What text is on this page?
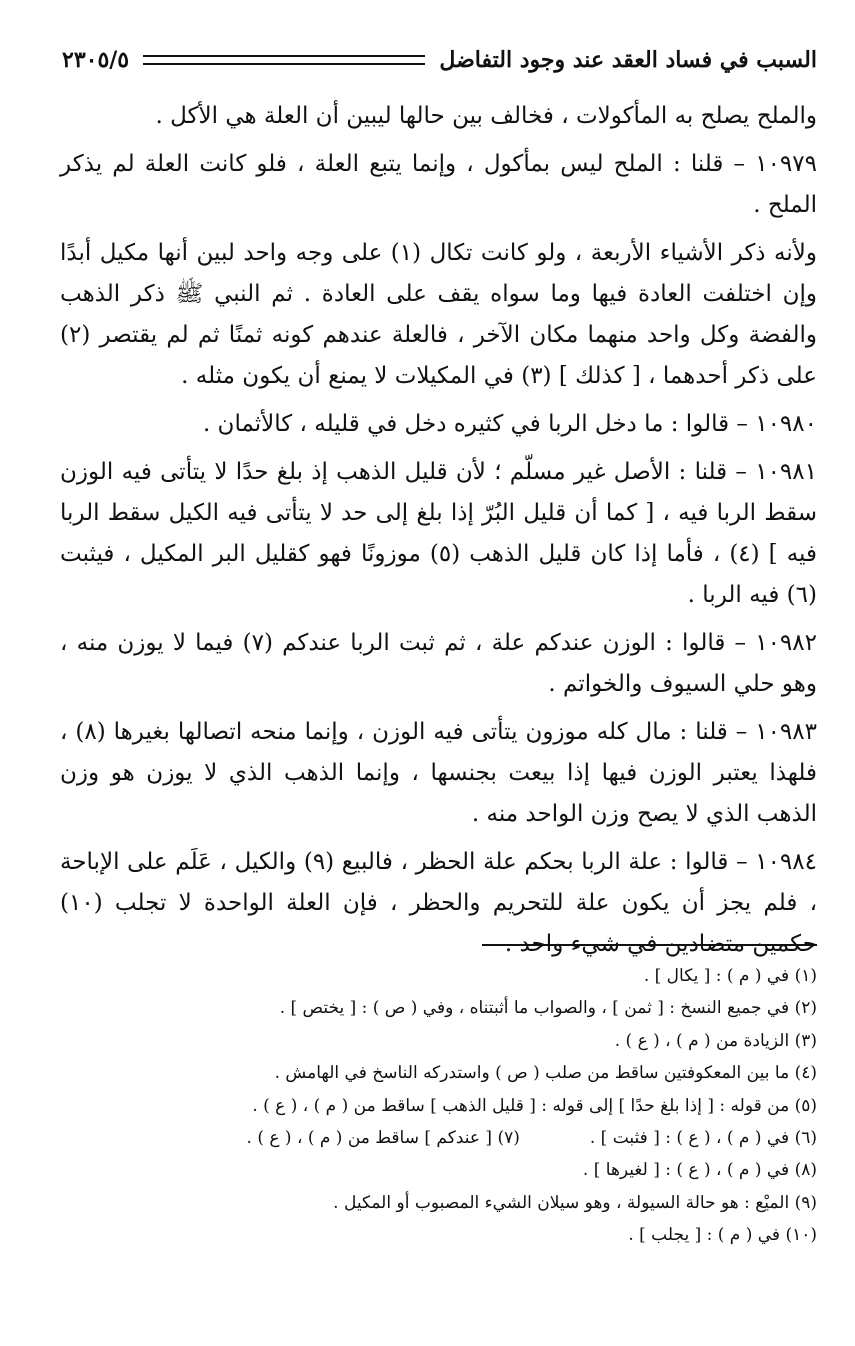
السبب في فساد العقد عند وجود التفاضل
٢٣٠٥/٥

والملح يصلح به المأكولات ، فخالف بين حالها ليبين أن العلة هي الأكل .

١٠٩٧٩ – قلنا : الملح ليس بمأكول ، وإنما يتبع العلة ، فلو كانت العلة لم يذكر الملح .

ولأنه ذكر الأشياء الأربعة ، ولو كانت تكال (١) على وجه واحد لبين أنها مكيل أبدًا وإن اختلفت العادة فيها وما سواه يقف على العادة . ثم النبي ﷺ ذكر الذهب والفضة وكل واحد منهما مكان الآخر ، فالعلة عندهم كونه ثمنًا ثم لم يقتصر (٢) على ذكر أحدهما ، [ كذلك ] (٣) في المكيلات لا يمنع أن يكون مثله .

١٠٩٨٠ – قالوا : ما دخل الربا في كثيره دخل في قليله ، كالأثمان .

١٠٩٨١ – قلنا : الأصل غير مسلّم ؛ لأن قليل الذهب إذ بلغ حدًا لا يتأتى فيه الوزن سقط الربا فيه ، [ كما أن قليل البُرّ إذا بلغ إلى حد لا يتأتى فيه الكيل سقط الربا فيه ] (٤) ، فأما إذا كان قليل الذهب (٥) موزونًا فهو كقليل البر المكيل ، فيثبت (٦) فيه الربا .

١٠٩٨٢ – قالوا : الوزن عندكم علة ، ثم ثبت الربا عندكم (٧) فيما لا يوزن منه ، وهو حلي السيوف والخواتم .

١٠٩٨٣ – قلنا : مال كله موزون يتأتى فيه الوزن ، وإنما منحه اتصالها بغيرها (٨) ، فلهذا يعتبر الوزن فيها إذا بيعت بجنسها ، وإنما الذهب الذي لا يوزن هو وزن الذهب الذي لا يصح وزن الواحد منه .

١٠٩٨٤ – قالوا : علة الربا بحكم علة الحظر ، فالبيع (٩) والكيل ، عَلَم على الإباحة ، فلم يجز أن يكون علة للتحريم والحظر ، فإن العلة الواحدة لا تجلب (١٠) حكمين متضادين في شيء واحد .

(١) في ( م ) : [ يكال ] .
(٢) في جميع النسخ : [ ثمن ] ، والصواب ما أثبتناه ، وفي ( ص ) : [ يختص ] .
(٣) الزيادة من ( م ) ، ( ع ) .
(٤) ما بين المعكوفتين ساقط من صلب ( ص ) واستدركه الناسخ في الهامش .
(٥) من قوله : [ إذا بلغ حدًا ] إلى قوله : [ قليل الذهب ] ساقط من ( م ) ، ( ع ) .
(٦) في ( م ) ، ( ع ) : [ فثبت ] .
(٧) [ عندكم ] ساقط من ( م ) ، ( ع ) .
(٨) في ( م ) ، ( ع ) : [ لغيرها ] .
(٩) الميْع : هو حالة السيولة ، وهو سيلان الشيء المصبوب أو المكيل .
(١٠) في ( م ) : [ يجلب ] .
